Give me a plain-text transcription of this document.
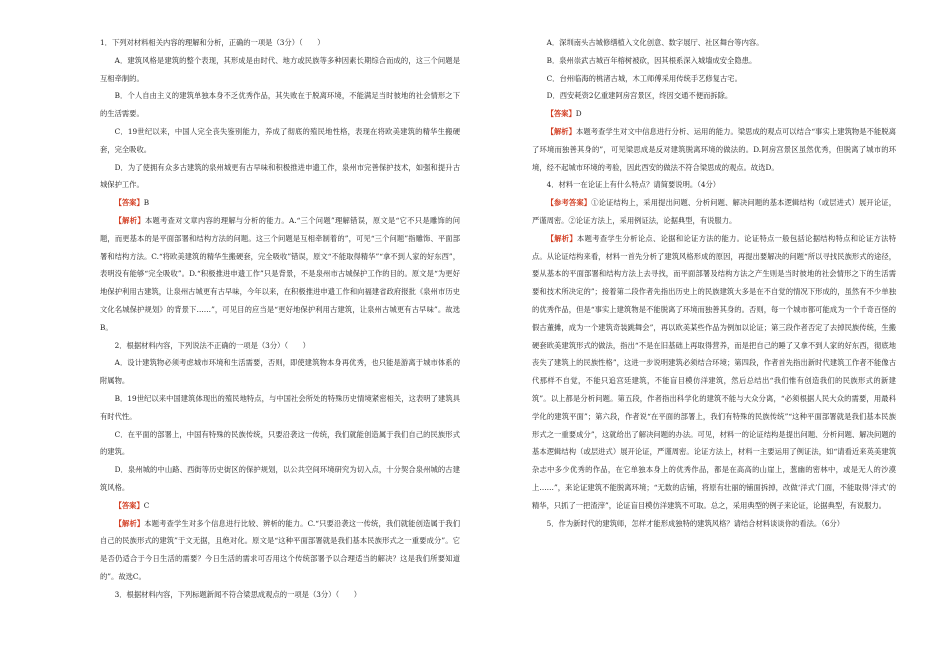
1．下列对材料相关内容的理解和分析，正确的一项是（3分）（　　）

A．建筑风格是建筑的整个表现，其形成是由时代、地方或民族等多种因素长期综合而成的，这三个问题是互相牵制的。

B．个人自由主义的建筑单独本身不乏优秀作品，其失败在于脱离环境，不能满足当时彼地的社会情形之下的生活需要。

C．19世纪以来，中国人完全丧失鉴别能力，养成了彻底的殖民地性格，表现在将欧美建筑的精华生搬硬套，完全吸收。

D．为了使拥有众多古建筑的泉州城更有古早味和积极推进申遗工作，泉州市完善保护技术，如强和提升古城保护工作。

【答案】B

【解析】本题考查对文章内容的理解与分析的能力。A.“三个问题”理解错误，原文是“它不只是雕饰的问题，而更基本的是平面部署和结构方法的问题。这三个问题是互相牵制着的”，可见“三个问题”指雕饰、平面部署和结构方法。C.“将欧美建筑的精华生搬硬套，完全吸收”错误，原文“不能取得精华”“拿不到人家的好东西”，表明没有能够“完全吸收”。D.“积极推进申遗工作”只是背景，不是泉州市古城保护工作的目的。原文是“为更好地保护利用古建筑，让泉州古城更有古早味，今年以来，在积极推进申遗工作和向福建省政府报批《泉州市历史文化名城保护规划》的背景下……”，可见目的应当是“更好地保护利用古建筑，让泉州古城更有古早味”。故选B。

2．根据材料内容，下列说法不正确的一项是（3分）（　　）

A．设计建筑物必须考虑城市环境和生活需要，否则，即使建筑物本身再优秀，也只能是游离于城市体系的附属物。

B．19世纪以来中国建筑体现出的殖民地特点，与中国社会所处的特殊历史情境紧密相关，这表明了建筑具有时代性。

C．在平面的部署上，中国有特殊的民族传统，只要沿袭这一传统，我们就能创造属于我们自己的民族形式的建筑。

D．泉州城的中山路、西街等历史街区的保护规划，以公共空间环境研究为切入点，十分契合泉州城的古建筑风格。

【答案】C

【解析】本题考查学生对多个信息进行比较、辨析的能力。C.“只要沿袭这一传统，我们就能创造属于我们自己的民族形式的建筑”于文无据，且绝对化。原文是“这种平面部署就是我们基本民族形式之一重要成分”。它是否仍适合于今日生活的需要？今日生活的需求可否用这个传统部署予以合理适当的解决？这是我们所要知道的”。故选C。

3．根据材料内容，下列标题新闻不符合梁思成观点的一项是（3分）（　　）

A．深圳南头古城修缮植入文化创意、数字展厅、社区舞台等内容。

B．泉州崇武古城百年榕树被砍，因其根系深入城墙成安全隐患。

C．台州临海的桃渚古城，木工师傅采用传统手艺修复古宅。

D．西安耗资2亿重建阿房宫景区，终因交通不便而拆除。

【答案】D

【解析】本题考查学生对文中信息进行分析、运用的能力。梁思成的观点可以结合“事实上建筑物是不能脱离了环境而独善其身的”，可见梁思成是反对建筑脱离环境的做法的。D.阿房宫景区虽然优秀，但脱离了城市的环境，经不起城市环境的考验，因此西安的做法不符合梁思成的观点。故选D。

4．材料一在论证上有什么特点？请简要说明。（4分）

【参考答案】①论证结构上，采用提出问题、分析问题、解决问题的基本逻辑结构（或层进式）展开论证，严谨周密。②论证方法上，采用例证法，论据典型，有说服力。

【解析】本题考查学生分析论点、论据和论证方法的能力。论证特点一般包括论据结构特点和论证方法特点。从论证结构来看，材料一首先分析了建筑风格形成的原因，再提出要解决的问题“所以寻找民族形式的途径，要从基本的平面部署和结构方法上去寻找，而平面部署及结构方法之产生则是当时彼地的社会情形之下的生活需要和技术所决定的”；接着第二段作者先指出历史上的民族建筑大多是在不自觉的情况下形成的，虽然有不少单独的优秀作品，但是“事实上建筑物是不能脱离了环境而独善其身的。否则，每一个城市都可能成为一个千奇百怪的假古董摊，成为一个建筑奇装跳舞会”，再以欧美某些作品为例加以论证；第三段作者否定了去掉民族传统，生搬硬套欧美建筑形式的做法，指出“不是在旧基础上再取得营养，而是把自己的睡了又拿不到人家的好东西，彻底地丧失了建筑上的民族性格”，这进一步说明建筑必须结合环境；第四段，作者首先指出新时代建筑工作者不能像古代那样不自觉，不能只追宫廷建筑，不能盲目模仿洋建筑，然后总结出“我们惟有创造我们的民族形式的新建筑”。以上都是分析问题。第五段，作者指出科学化的建筑不能与大众分离，“必须根据人民大众的需要，用最科学化的建筑平面”；第六段，作者说“在平面的部署上，我们有特殊的民族传统”“这种平面部署就是我们基本民族形式之一重要成分”，这就给出了解决问题的办法。可见，材料一的论证结构是提出问题、分析问题、解决问题的基本逻辑结构（或层进式）展开论证，严谨周密。论证方法上，材料一主要运用了例证法，如“请看近来英美建筑杂志中多少优秀的作品，在它单独本身上的优秀作品，都是在高高的山崖上，葱幽的密林中，或是无人的沙漠上……”，来论证建筑不能脱离环境；“无数的店铺，将原有壮丽的铺面拆掉，改做‘洋式’门面，不能取得‘洋式’的精华，只抓了一把渣滓”，论证盲目模仿洋建筑不可取。总之，采用典型的例子来论证，论据典型，有说服力。

5．作为新时代的建筑师，怎样才能形成独特的建筑风格？请结合材料谈谈你的看法。（6分）
